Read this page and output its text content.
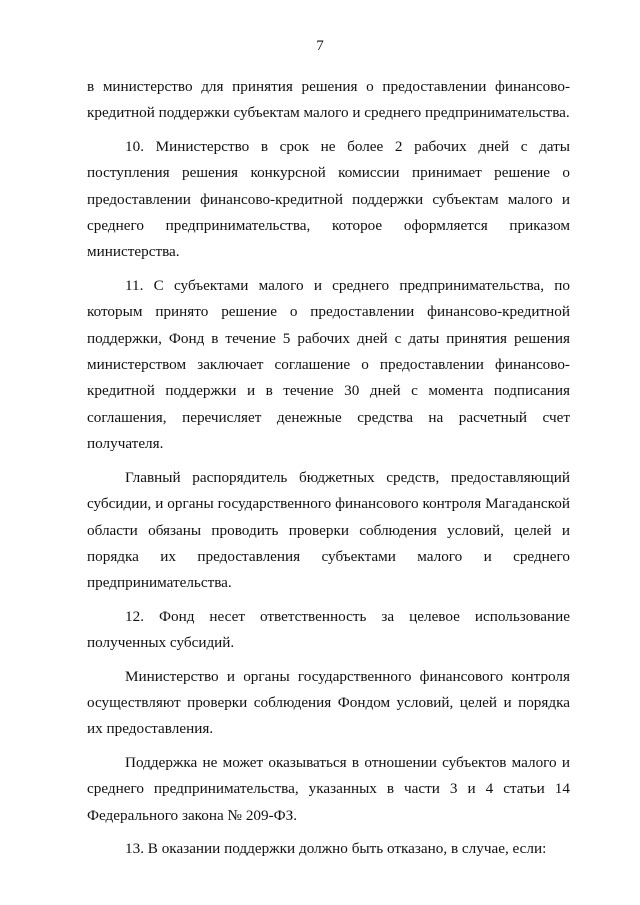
7

в министерство для принятия решения о предоставлении финансово-кредитной поддержки субъектам малого и среднего предпринимательства.

10. Министерство в срок не более 2 рабочих дней с даты поступления решения конкурсной комиссии принимает решение о предоставлении финансово-кредитной поддержки субъектам малого и среднего предпринимательства, которое оформляется приказом министерства.

11. С субъектами малого и среднего предпринимательства, по которым принято решение о предоставлении финансово-кредитной поддержки, Фонд в течение 5 рабочих дней с даты принятия решения министерством заключает соглашение о предоставлении финансово-кредитной поддержки и в течение 30 дней с момента подписания соглашения, перечисляет денежные средства на расчетный счет получателя.

Главный распорядитель бюджетных средств, предоставляющий субсидии, и органы государственного финансового контроля Магаданской области обязаны проводить проверки соблюдения условий, целей и порядка их предоставления субъектами малого и среднего предпринимательства.

12. Фонд несет ответственность за целевое использование полученных субсидий.

Министерство и органы государственного финансового контроля осуществляют проверки соблюдения Фондом условий, целей и порядка их предоставления.

Поддержка не может оказываться в отношении субъектов малого и среднего предпринимательства, указанных в части 3 и 4 статьи 14 Федерального закона № 209-ФЗ.

13. В оказании поддержки должно быть отказано, в случае, если:
